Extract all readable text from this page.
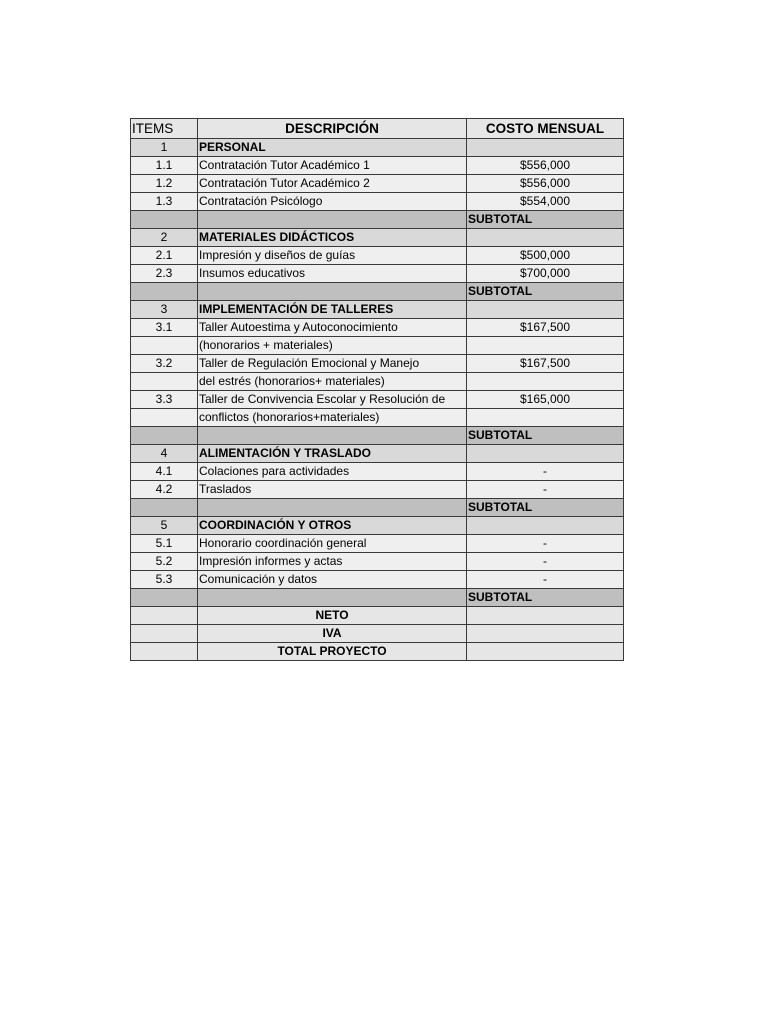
ITEMS	DESCRIPCIÓN	COSTO MENSUAL
1	PERSONAL	
1.1	Contratación Tutor Académico 1	$556,000
1.2	Contratación Tutor Académico 2	$556,000
1.3	Contratación Psicólogo	$554,000
		SUBTOTAL
2	MATERIALES DIDÁCTICOS	
2.1	Impresión y diseños de guías	$500,000
2.3	Insumos educativos	$700,000
		SUBTOTAL
3	IMPLEMENTACIÓN DE TALLERES	
3.1	Taller Autoestima y Autoconocimiento	$167,500
	(honorarios + materiales)	
3.2	Taller de Regulación Emocional y Manejo	$167,500
	del estrés (honorarios+ materiales)	
3.3	Taller de Convivencia Escolar y Resolución de	$165,000
	conflictos (honorarios+materiales)	
		SUBTOTAL
4	ALIMENTACIÓN Y TRASLADO	
4.1	Colaciones para actividades	-
4.2	Traslados	-
		SUBTOTAL
5	COORDINACIÓN Y OTROS	
5.1	Honorario coordinación general	-
5.2	Impresión informes y actas	-
5.3	Comunicación y datos	-
		SUBTOTAL
	NETO	
	IVA	
	TOTAL PROYECTO	
